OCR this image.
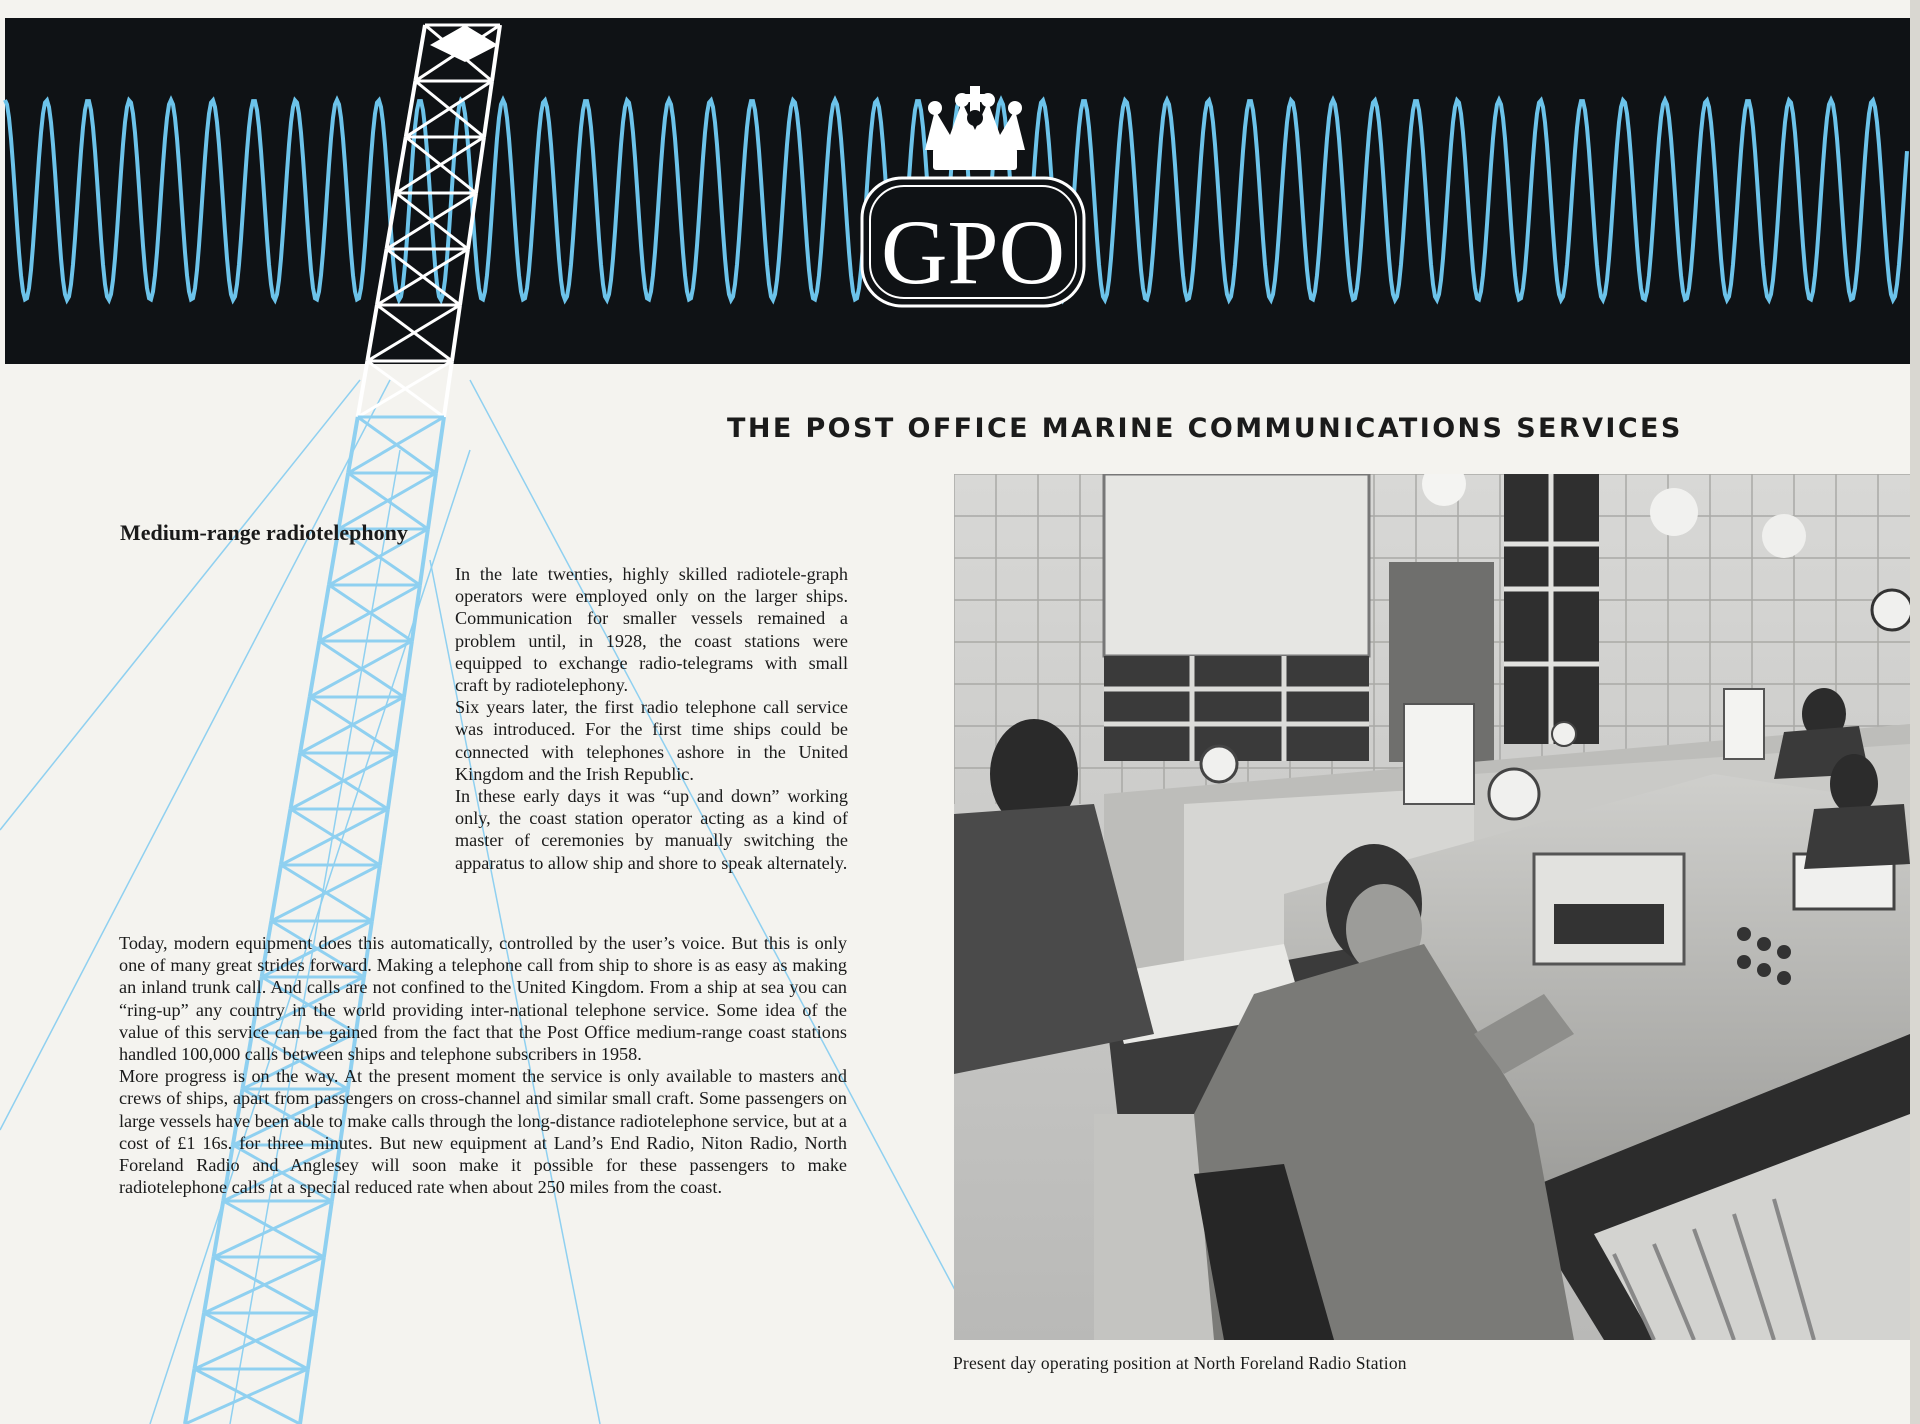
GPO
THE POST OFFICE MARINE COMMUNICATIONS SERVICES
Medium-range radiotelephony

In the late twenties, highly skilled radiotele-graph operators were employed only on the larger ships. Communication for smaller vessels remained a problem until, in 1928, the coast stations were equipped to exchange radio-telegrams with small craft by radiotelephony.

Six years later, the first radio telephone call service was introduced. For the first time ships could be connected with telephones ashore in the United Kingdom and the Irish Republic.

In these early days it was “up and down” working only, the coast station operator acting as a kind of master of ceremonies by manually switching the apparatus to allow ship and shore to speak alternately.

Today, modern equipment does this automatically, controlled by the user’s voice. But this is only one of many great strides forward. Making a telephone call from ship to shore is as easy as making an inland trunk call. And calls are not confined to the United Kingdom. From a ship at sea you can “ring-up” any country in the world providing inter-national telephone service. Some idea of the value of this service can be gained from the fact that the Post Office medium-range coast stations handled 100,000 calls between ships and telephone subscribers in 1958.

More progress is on the way. At the present moment the service is only available to masters and crews of ships, apart from passengers on cross-channel and similar small craft. Some passengers on large vessels have been able to make calls through the long-distance radiotelephone service, but at a cost of £1 16s. for three minutes. But new equipment at Land’s End Radio, Niton Radio, North Foreland Radio and Anglesey will soon make it possible for these passengers to make radiotelephone calls at a special reduced rate when about 250 miles from the coast.

Present day operating position at North Foreland Radio Station
